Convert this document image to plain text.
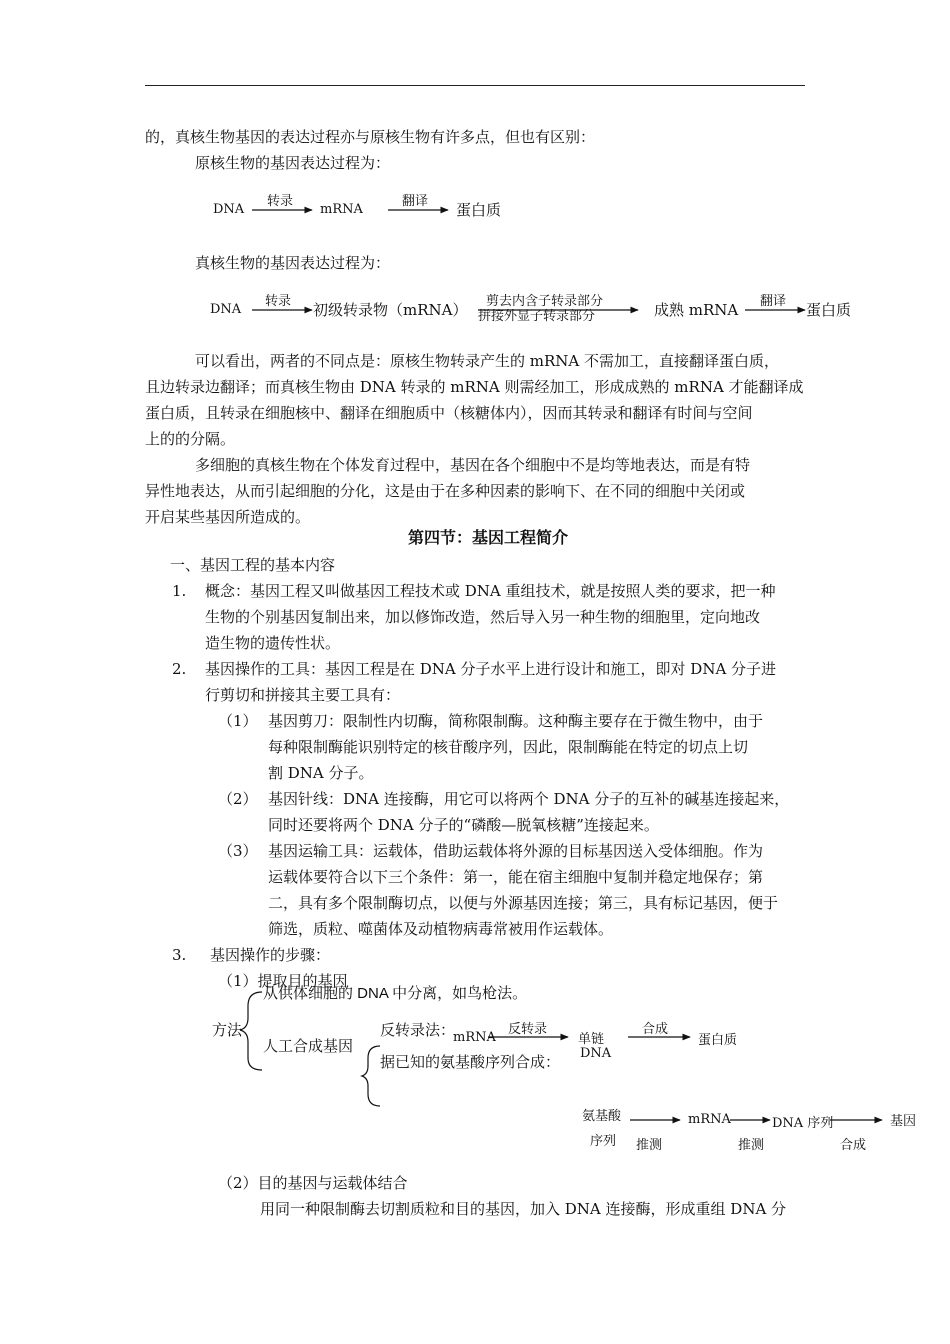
的，真核生物基因的表达过程亦与原核生物有许多点，但也有区别：
原核生物的基因表达过程为：
DNA
转录
mRNA
翻译 蛋白质
真核生物的基因表达过程为：
DNA
转录 初级转录物（mRNA） 剪去内含子转录部分
拼接外显子转录部分	成熟 mRNA 翻译 蛋白质
可以看出，两者的不同点是：原核生物转录产生的 mRNA 不需加工，直接翻译蛋白质，
且边转录边翻译；而真核生物由 DNA 转录的 mRNA 则需经加工，形成成熟的 mRNA 才能翻译成
蛋白质，且转录在细胞核中、翻译在细胞质中（核糖体内），因而其转录和翻译有时间与空间
上的的分隔。
多细胞的真核生物在个体发育过程中，基因在各个细胞中不是均等地表达，而是有特
异性地表达，从而引起细胞的分化，这是由于在多种因素的影响下、在不同的细胞中关闭或
开启某些基因所造成的。
第四节：基因工程简介
一、基因工程的基本内容
1. 概念：基因工程又叫做基因工程技术或 DNA 重组技术，就是按照人类的要求，把一种
生物的个别基因复制出来，加以修饰改造，然后导入另一种生物的细胞里，定向地改
造生物的遗传性状。
2. 基因操作的工具：基因工程是在 DNA 分子水平上进行设计和施工，即对 DNA 分子进
行剪切和拼接其主要工具有：
（1） 基因剪刀：限制性内切酶，简称限制酶。这种酶主要存在于微生物中，由于
每种限制酶能识别特定的核苷酸序列，因此，限制酶能在特定的切点上切
割 DNA 分子。
（2） 基因针线：DNA 连接酶，用它可以将两个 DNA 分子的互补的碱基连接起来，
同时还要将两个 DNA 分子的“磷酸—脱氧核糖”连接起来。
（3） 基因运输工具：运载体，借助运载体将外源的目标基因送入受体细胞。作为
运载体要符合以下三个条件：第一，能在宿主细胞中复制并稳定地保存；第
二，具有多个限制酶切点，以便与外源基因连接；第三，具有标记基因，便于
筛选，质粒、噬菌体及动植物病毒常被用作运载体。
3. 基因操作的步骤：
（1）提取目的基因
方法
从供体细胞的 DNA 中分离，如鸟枪法。
人工合成基因
反转录法：
mRNA
反转录
单链
DNA
合成
蛋白质
据已知的氨基酸序列合成：
氨基酸
序列
mRNA	DNA 序列	基因
推测	推测	合成
（2）目的基因与运载体结合
用同一种限制酶去切割质粒和目的基因，加入 DNA 连接酶，形成重组 DNA 分
